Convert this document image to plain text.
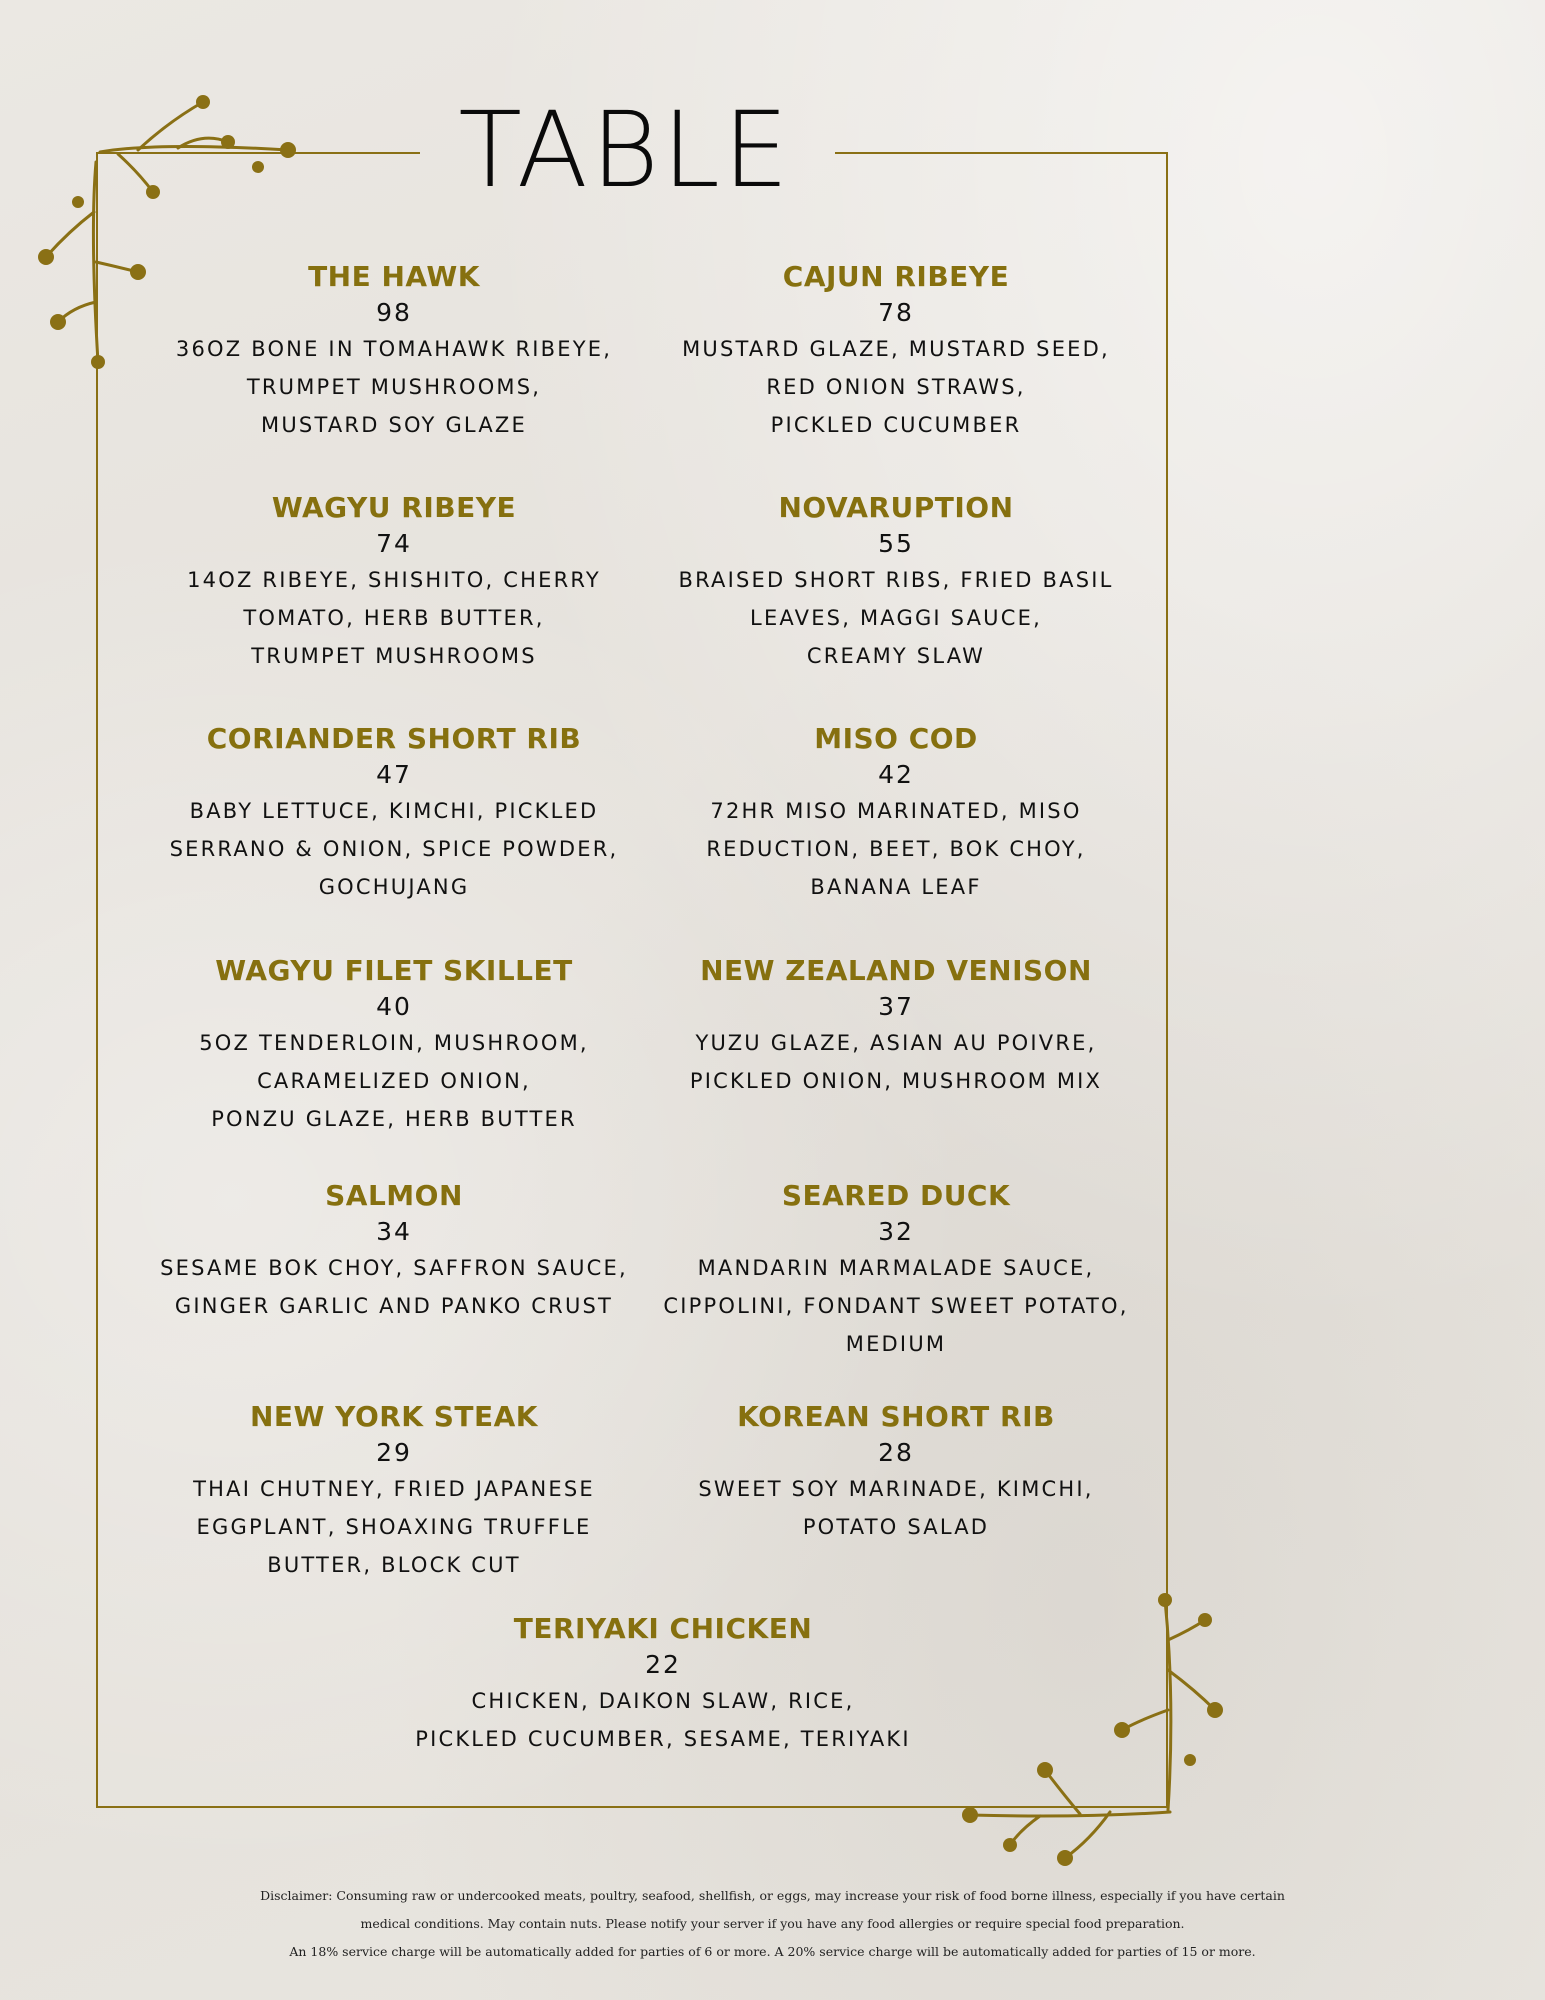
TABLE
THE HAWK
98
36OZ BONE IN TOMAHAWK RIBEYE,
TRUMPET MUSHROOMS,
MUSTARD SOY GLAZE
CAJUN RIBEYE
78
MUSTARD GLAZE, MUSTARD SEED,
RED ONION STRAWS,
PICKLED CUCUMBER
WAGYU RIBEYE
74
14OZ RIBEYE, SHISHITO, CHERRY
TOMATO, HERB BUTTER,
TRUMPET MUSHROOMS
NOVARUPTION
55
BRAISED SHORT RIBS, FRIED BASIL
LEAVES, MAGGI SAUCE,
CREAMY SLAW
CORIANDER SHORT RIB
47
BABY LETTUCE, KIMCHI, PICKLED
SERRANO & ONION, SPICE POWDER,
GOCHUJANG
MISO COD
42
72HR MISO MARINATED, MISO
REDUCTION, BEET, BOK CHOY,
BANANA LEAF
WAGYU FILET SKILLET
40
5OZ TENDERLOIN, MUSHROOM,
CARAMELIZED ONION,
PONZU GLAZE, HERB BUTTER
NEW ZEALAND VENISON
37
YUZU GLAZE, ASIAN AU POIVRE,
PICKLED ONION, MUSHROOM MIX
SALMON
34
SESAME BOK CHOY, SAFFRON SAUCE,
GINGER GARLIC AND PANKO CRUST
SEARED DUCK
32
MANDARIN MARMALADE SAUCE,
CIPPOLINI, FONDANT SWEET POTATO,
MEDIUM
NEW YORK STEAK
29
THAI CHUTNEY, FRIED JAPANESE
EGGPLANT, SHOAXING TRUFFLE
BUTTER, BLOCK CUT
KOREAN SHORT RIB
28
SWEET SOY MARINADE, KIMCHI,
POTATO SALAD
TERIYAKI CHICKEN
22
CHICKEN, DAIKON SLAW, RICE,
PICKLED CUCUMBER, SESAME, TERIYAKI
Disclaimer: Consuming raw or undercooked meats, poultry, seafood, shellfish, or eggs, may increase your risk of food borne illness, especially if you have certain
medical conditions. May contain nuts. Please notify your server if you have any food allergies or require special food preparation.
An 18% service charge will be automatically added for parties of 6 or more. A 20% service charge will be automatically added for parties of 15 or more.
